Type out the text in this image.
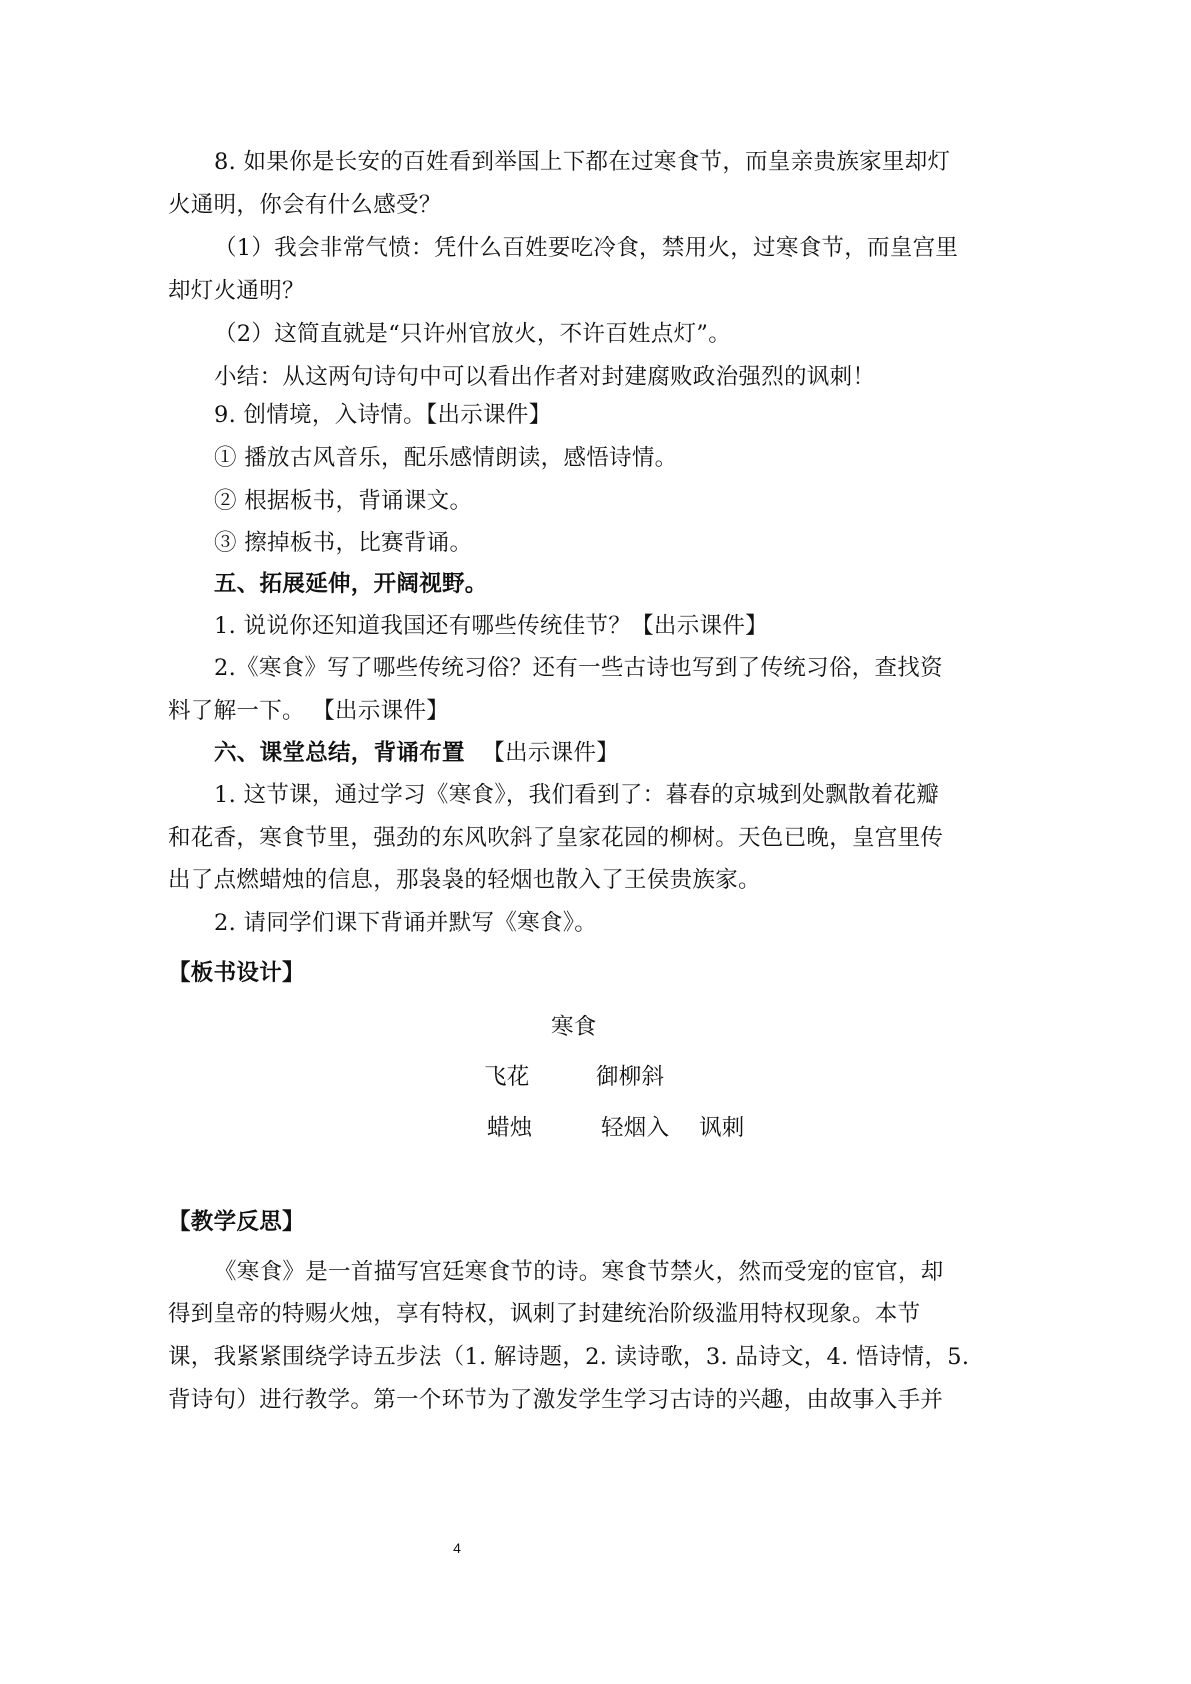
8. 如果你是长安的百姓看到举国上下都在过寒食节，而皇亲贵族家里却灯
火通明，你会有什么感受？
（1）我会非常气愤：凭什么百姓要吃冷食，禁用火，过寒食节，而皇宫里
却灯火通明？
（2）这简直就是“只许州官放火，不许百姓点灯”。
小结：从这两句诗句中可以看出作者对封建腐败政治强烈的讽刺！
9. 创情境，入诗情。【出示课件】
① 播放古风音乐，配乐感情朗读，感悟诗情。
② 根据板书，背诵课文。
③ 擦掉板书，比赛背诵。
五、拓展延伸，开阔视野。
1. 说说你还知道我国还有哪些传统佳节？【出示课件】
2.《寒食》写了哪些传统习俗？还有一些古诗也写到了传统习俗，查找资
料了解一下。 【出示课件】
六、课堂总结，背诵布置 【出示课件】
1. 这节课，通过学习《寒食》，我们看到了：暮春的京城到处飘散着花瓣
和花香，寒食节里，强劲的东风吹斜了皇家花园的柳树。天色已晚，皇宫里传
出了点燃蜡烛的信息，那袅袅的轻烟也散入了王侯贵族家。
2. 请同学们课下背诵并默写《寒食》。
【板书设计】
寒食
飞花	御柳斜
蜡烛	轻烟入 讽刺
【教学反思】
《寒食》是一首描写宫廷寒食节的诗。寒食节禁火，然而受宠的宦官，却
得到皇帝的特赐火烛，享有特权，讽刺了封建统治阶级滥用特权现象。本节
课，我紧紧围绕学诗五步法（1. 解诗题，2. 读诗歌，3. 品诗文，4. 悟诗情，5.
背诗句）进行教学。第一个环节为了激发学生学习古诗的兴趣，由故事入手并
4
